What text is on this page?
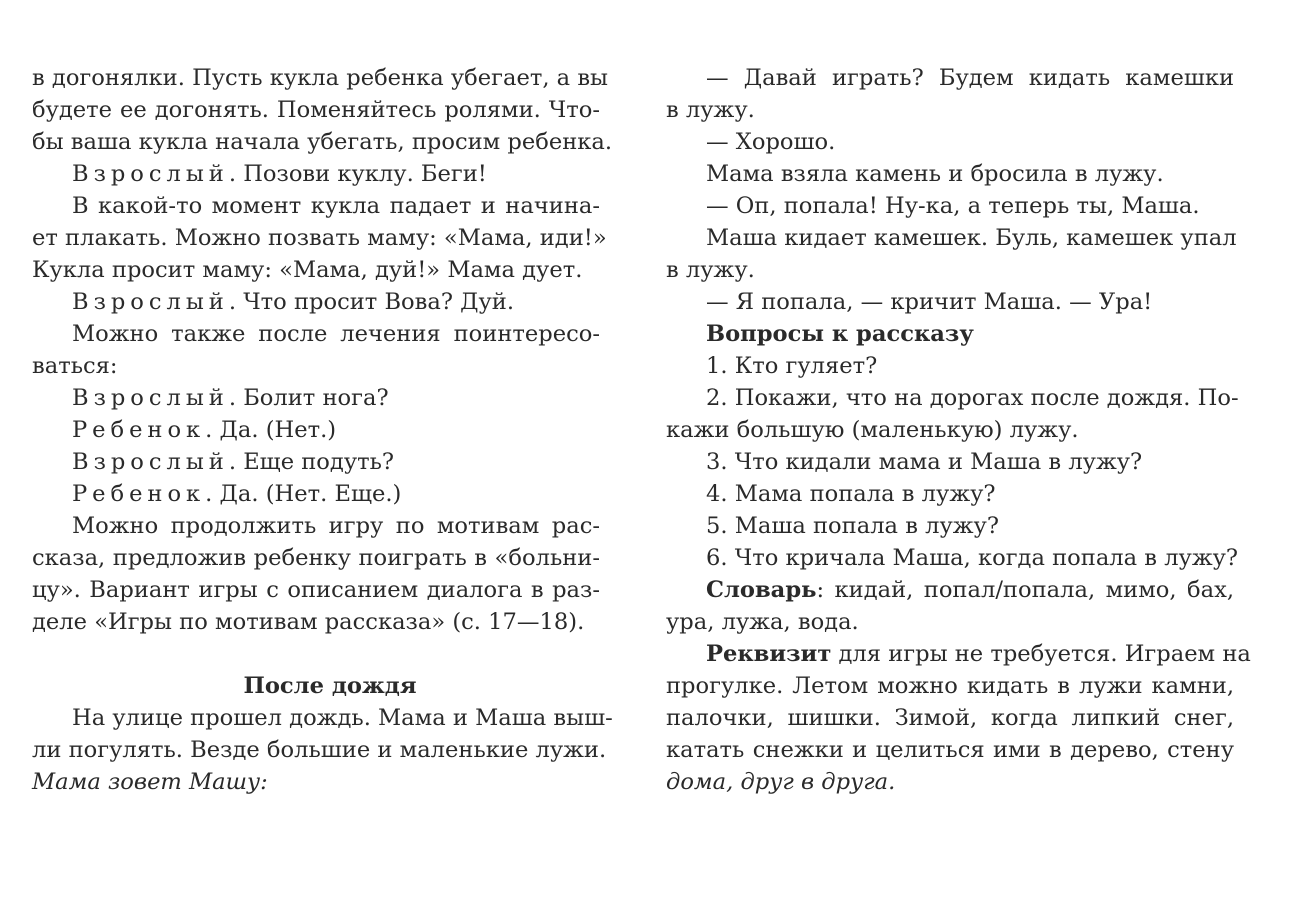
в догонялки. Пусть кукла ребенка убегает, а вы
будете ее догонять. Поменяйтесь ролями. Что-
бы ваша кукла начала убегать, просим ребенка.
Взрослый. Позови куклу. Беги!
В какой-то момент кукла падает и начина-
ет плакать. Можно позвать маму: «Мама, иди!»
Кукла просит маму: «Мама, дуй!» Мама дует.
Взрослый. Что просит Вова? Дуй.
Можно также после лечения поинтересо-
ваться:
Взрослый. Болит нога?
Ребенок. Да. (Нет.)
Взрослый. Еще подуть?
Ребенок. Да. (Нет. Еще.)
Можно продолжить игру по мотивам рас-
сказа, предложив ребенку поиграть в «больни-
цу». Вариант игры с описанием диалога в раз-
деле «Игры по мотивам рассказа» (с. 17—18).
После дождя
На улице прошел дождь. Мама и Маша выш-
ли погулять. Везде большие и маленькие лужи.
Мама зовет Машу:
— Давай играть? Будем кидать камешки
в лужу.
— Хорошо.
Мама взяла камень и бросила в лужу.
— Оп, попала! Ну-ка, а теперь ты, Маша.
Маша кидает камешек. Буль, камешек упал
в лужу.
— Я попала, — кричит Маша. — Ура!
Вопросы к рассказу
1. Кто гуляет?
2. Покажи, что на дорогах после дождя. По-
кажи большую (маленькую) лужу.
3. Что кидали мама и Маша в лужу?
4. Мама попала в лужу?
5. Маша попала в лужу?
6. Что кричала Маша, когда попала в лужу?
Словарь: кидай, попал/попала, мимо, бах,
ура, лужа, вода.
Реквизит для игры не требуется. Играем на
прогулке. Летом можно кидать в лужи камни,
палочки, шишки. Зимой, когда липкий снег,
катать снежки и целиться ими в дерево, стену
дома, друг в друга.
